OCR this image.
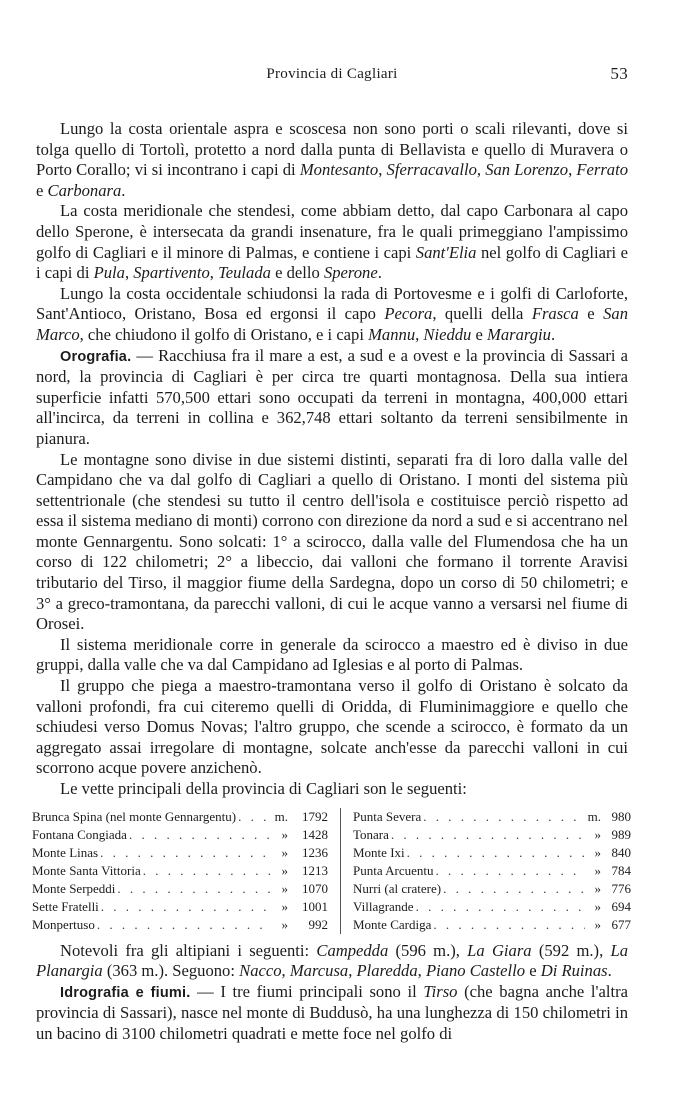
Provincia di Cagliari	53

Lungo la costa orientale aspra e scoscesa non sono porti o scali rilevanti, dove si tolga quello di Tortolì, protetto a nord dalla punta di Bellavista e quello di Muravera o Porto Corallo; vi si incontrano i capi di Montesanto, Sferracavallo, San Lorenzo, Ferrato e Carbonara.

La costa meridionale che stendesi, come abbiam detto, dal capo Carbonara al capo dello Sperone, è intersecata da grandi insenature, fra le quali primeggiano l'ampissimo golfo di Cagliari e il minore di Palmas, e contiene i capi Sant'Elia nel golfo di Cagliari e i capi di Pula, Spartivento, Teulada e dello Sperone.

Lungo la costa occidentale schiudonsi la rada di Portovesme e i golfi di Carloforte, Sant'Antioco, Oristano, Bosa ed ergonsi il capo Pecora, quelli della Frasca e San Marco, che chiudono il golfo di Oristano, e i capi Mannu, Nieddu e Marargiu.

Orografia. — Racchiusa fra il mare a est, a sud e a ovest e la provincia di Sassari a nord, la provincia di Cagliari è per circa tre quarti montagnosa. Della sua intiera superficie infatti 570,500 ettari sono occupati da terreni in montagna, 400,000 ettari all'incirca, da terreni in collina e 362,748 ettari soltanto da terreni sensibilmente in pianura.

Le montagne sono divise in due sistemi distinti, separati fra di loro dalla valle del Campidano che va dal golfo di Cagliari a quello di Oristano. I monti del sistema più settentrionale (che stendesi su tutto il centro dell'isola e costituisce perciò rispetto ad essa il sistema mediano di monti) corrono con direzione da nord a sud e si accentrano nel monte Gennargentu. Sono solcati: 1° a scirocco, dalla valle del Flumendosa che ha un corso di 122 chilometri; 2° a libeccio, dai valloni che formano il torrente Aravisi tributario del Tirso, il maggior fiume della Sardegna, dopo un corso di 50 chilometri; e 3° a greco-tramontana, da parecchi valloni, di cui le acque vanno a versarsi nel fiume di Orosei.

Il sistema meridionale corre in generale da scirocco a maestro ed è diviso in due gruppi, dalla valle che va dal Campidano ad Iglesias e al porto di Palmas.

Il gruppo che piega a maestro-tramontana verso il golfo di Oristano è solcato da valloni profondi, fra cui citeremo quelli di Oridda, di Fluminimaggiore e quello che schiudesi verso Domus Novas; l'altro gruppo, che scende a scirocco, è formato da un aggregato assai irregolare di montagne, solcate anch'esse da parecchi valloni in cui scorrono acque povere anzichenò.

Le vette principali della provincia di Cagliari son le seguenti:

Brunca Spina (nel monte Gennargentu) . . .	m.	1792
Fontana Congiada . . .	»	1428
Monte Linas . . .	»	1236
Monte Santa Vittoria . . .	»	1213
Monte Serpeddi . . .	»	1070
Sette Fratelli . . .	»	1001
Monpertuso . . .	»	992
Punta Severa . . .	m. 980
Tonara . . .	» 989
Monte Ixi . . .	» 840
Punta Arcuentu . . .	» 784
Nurri (al cratere) . . .	» 776
Villagrande . . .	» 694
Monte Cardiga . . .	» 677

Notevoli fra gli altipiani i seguenti: Campedda (596 m.), La Giara (592 m.), La Planargia (363 m.). Seguono: Nacco, Marcusa, Plaredda, Piano Castello e Di Ruinas.

Idrografia e fiumi. — I tre fiumi principali sono il Tirso (che bagna anche l'altra provincia di Sassari), nasce nel monte di Buddusò, ha una lunghezza di 150 chilometri in un bacino di 3100 chilometri quadrati e mette foce nel golfo di
